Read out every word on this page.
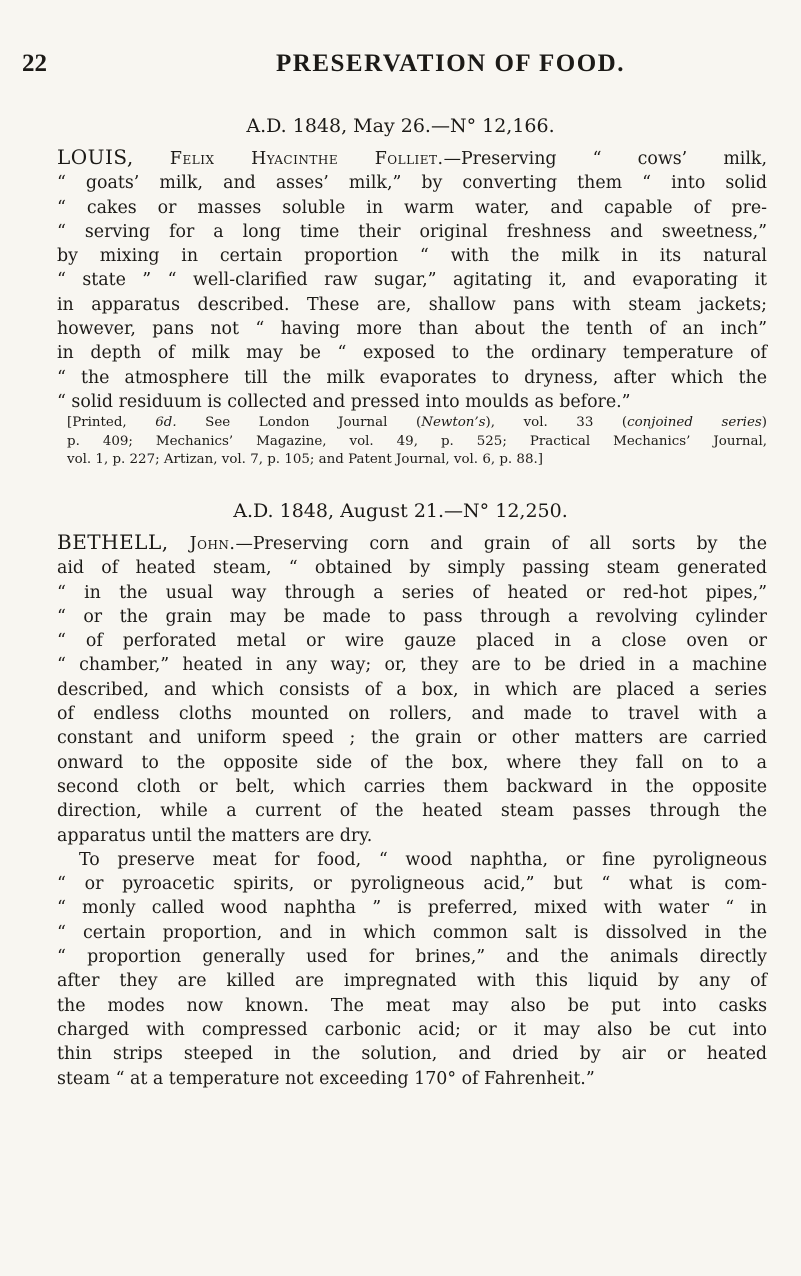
22	PRESERVATION OF FOOD.
A.D. 1848, May 26.—N° 12,166.
LOUIS, Felix Hyacinthe Folliet.—Preserving “ cows’ milk,
“ goats’ milk, and asses’ milk,” by converting them “ into solid
“ cakes or masses soluble in warm water, and capable of pre-
“ serving for a long time their original freshness and sweetness,”
by mixing in certain proportion “ with the milk in its natural
“ state ” “ well-clarified raw sugar,” agitating it, and evaporating it
in apparatus described. These are, shallow pans with steam jackets;
however, pans not “ having more than about the tenth of an inch”
in depth of milk may be “ exposed to the ordinary temperature of
“ the atmosphere till the milk evaporates to dryness, after which the
“ solid residuum is collected and pressed into moulds as before.”
[Printed, 6d. See London Journal (Newton’s), vol. 33 (conjoined series)
p. 409; Mechanics’ Magazine, vol. 49, p. 525; Practical Mechanics’ Journal,
vol. 1, p. 227; Artizan, vol. 7, p. 105; and Patent Journal, vol. 6, p. 88.]
A.D. 1848, August 21.—N° 12,250.
BETHELL, John.—Preserving corn and grain of all sorts by the
aid of heated steam, “ obtained by simply passing steam generated
“ in the usual way through a series of heated or red-hot pipes,”
“ or the grain may be made to pass through a revolving cylinder
“ of perforated metal or wire gauze placed in a close oven or
“ chamber,” heated in any way; or, they are to be dried in a machine
described, and which consists of a box, in which are placed a series
of endless cloths mounted on rollers, and made to travel with a
constant and uniform speed ; the grain or other matters are carried
onward to the opposite side of the box, where they fall on to a
second cloth or belt, which carries them backward in the opposite
direction, while a current of the heated steam passes through the
apparatus until the matters are dry.
To preserve meat for food, “ wood naphtha, or fine pyroligneous
“ or pyroacetic spirits, or pyroligneous acid,” but “ what is com-
“ monly called wood naphtha ” is preferred, mixed with water “ in
“ certain proportion, and in which common salt is dissolved in the
“ proportion generally used for brines,” and the animals directly
after they are killed are impregnated with this liquid by any of
the modes now known. The meat may also be put into casks
charged with compressed carbonic acid; or it may also be cut into
thin strips steeped in the solution, and dried by air or heated
steam “ at a temperature not exceeding 170° of Fahrenheit.”
